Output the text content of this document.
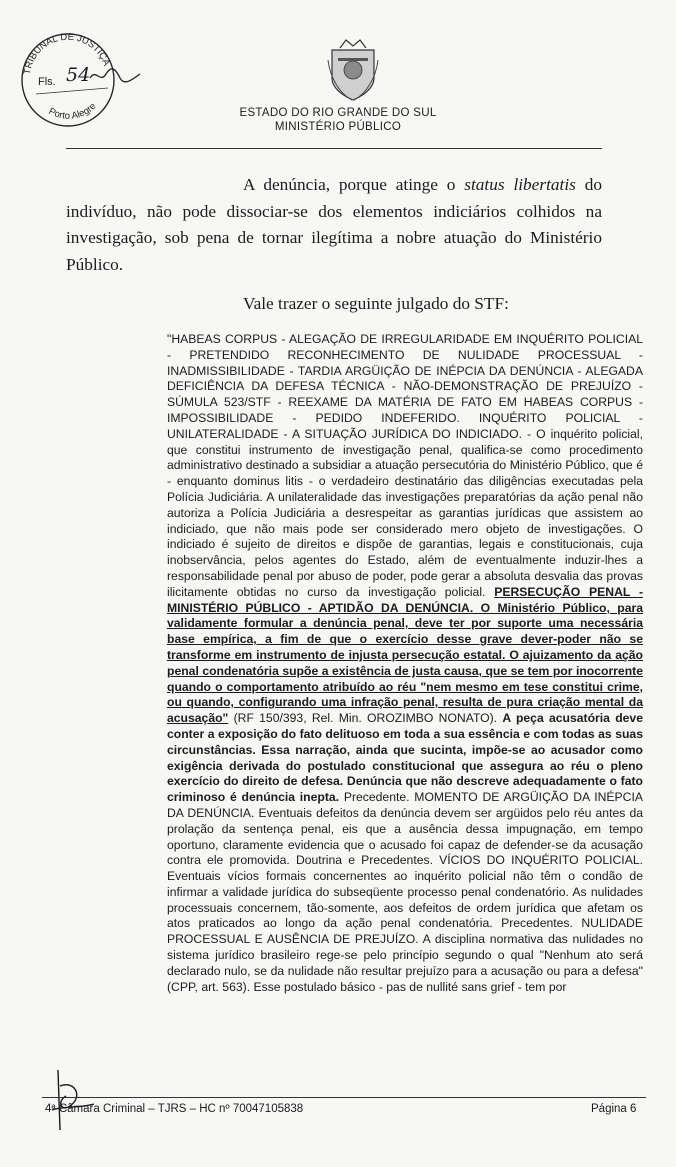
TRIBUNAL DE JUSTIÇA
Porto Alegre
Fls. 54
ESTADO DO RIO GRANDE DO SUL
MINISTÉRIO PÚBLICO
A denúncia, porque atinge o status libertatis do indivíduo, não pode dissociar-se dos elementos indiciários colhidos na investigação, sob pena de tornar ilegítima a nobre atuação do Ministério Público.
Vale trazer o seguinte julgado do STF:

"HABEAS CORPUS - ALEGAÇÃO DE IRREGULARIDADE EM INQUÉRITO POLICIAL - PRETENDIDO RECONHECIMENTO DE NULIDADE PROCESSUAL - INADMISSIBILIDADE - TARDIA ARGÜIÇÃO DE INÉPCIA DA DENÚNCIA - ALEGADA DEFICIÊNCIA DA DEFESA TÉCNICA - NÃO-DEMONSTRAÇÃO DE PREJUÍZO - SÚMULA 523/STF - REEXAME DA MATÉRIA DE FATO EM HABEAS CORPUS - IMPOSSIBILIDADE - PEDIDO INDEFERIDO. INQUÉRITO POLICIAL - UNILATERALIDADE - A SITUAÇÃO JURÍDICA DO INDICIADO. - O inquérito policial, que constitui instrumento de investigação penal, qualifica-se como procedimento administrativo destinado a subsidiar a atuação persecutória do Ministério Público, que é - enquanto dominus litis - o verdadeiro destinatário das diligências executadas pela Polícia Judiciária. A unilateralidade das investigações preparatórias da ação penal não autoriza a Polícia Judiciária a desrespeitar as garantias jurídicas que assistem ao indiciado, que não mais pode ser considerado mero objeto de investigações. O indiciado é sujeito de direitos e dispõe de garantias, legais e constitucionais, cuja inobservância, pelos agentes do Estado, além de eventualmente induzir-lhes a responsabilidade penal por abuso de poder, pode gerar a absoluta desvalia das provas ilicitamente obtidas no curso da investigação policial. PERSECUÇÃO PENAL - MINISTÉRIO PÚBLICO - APTIDÃO DA DENÚNCIA. O Ministério Público, para validamente formular a denúncia penal, deve ter por suporte uma necessária base empírica, a fim de que o exercício desse grave dever-poder não se transforme em instrumento de injusta persecução estatal. O ajuizamento da ação penal condenatória supõe a existência de justa causa, que se tem por inocorrente quando o comportamento atribuído ao réu "nem mesmo em tese constitui crime, ou quando, configurando uma infração penal, resulta de pura criação mental da acusação" (RF 150/393, Rel. Min. OROZIMBO NONATO). A peça acusatória deve conter a exposição do fato delituoso em toda a sua essência e com todas as suas circunstâncias. Essa narração, ainda que sucinta, impõe-se ao acusador como exigência derivada do postulado constitucional que assegura ao réu o pleno exercício do direito de defesa. Denúncia que não descreve adequadamente o fato criminoso é denúncia inepta. Precedente. MOMENTO DE ARGÜIÇÃO DA INÉPCIA DA DENÚNCIA. Eventuais defeitos da denúncia devem ser argüidos pelo réu antes da prolação da sentença penal, eis que a ausência dessa impugnação, em tempo oportuno, claramente evidencia que o acusado foi capaz de defender-se da acusação contra ele promovida. Doutrina e Precedentes. VÍCIOS DO INQUÉRITO POLICIAL. Eventuais vícios formais concernentes ao inquérito policial não têm o condão de infirmar a validade jurídica do subseqüente processo penal condenatório. As nulidades processuais concernem, tão-somente, aos defeitos de ordem jurídica que afetam os atos praticados ao longo da ação penal condenatória. Precedentes. NULIDADE PROCESSUAL E AUSÊNCIA DE PREJUÍZO. A disciplina normativa das nulidades no sistema jurídico brasileiro rege-se pelo princípio segundo o qual "Nenhum ato será declarado nulo, se da nulidade não resultar prejuízo para a acusação ou para a defesa" (CPP, art. 563). Esse postulado básico - pas de nullité sans grief - tem por

4ª Câmara Criminal – TJRS – HC nº 70047105838	Página 6
